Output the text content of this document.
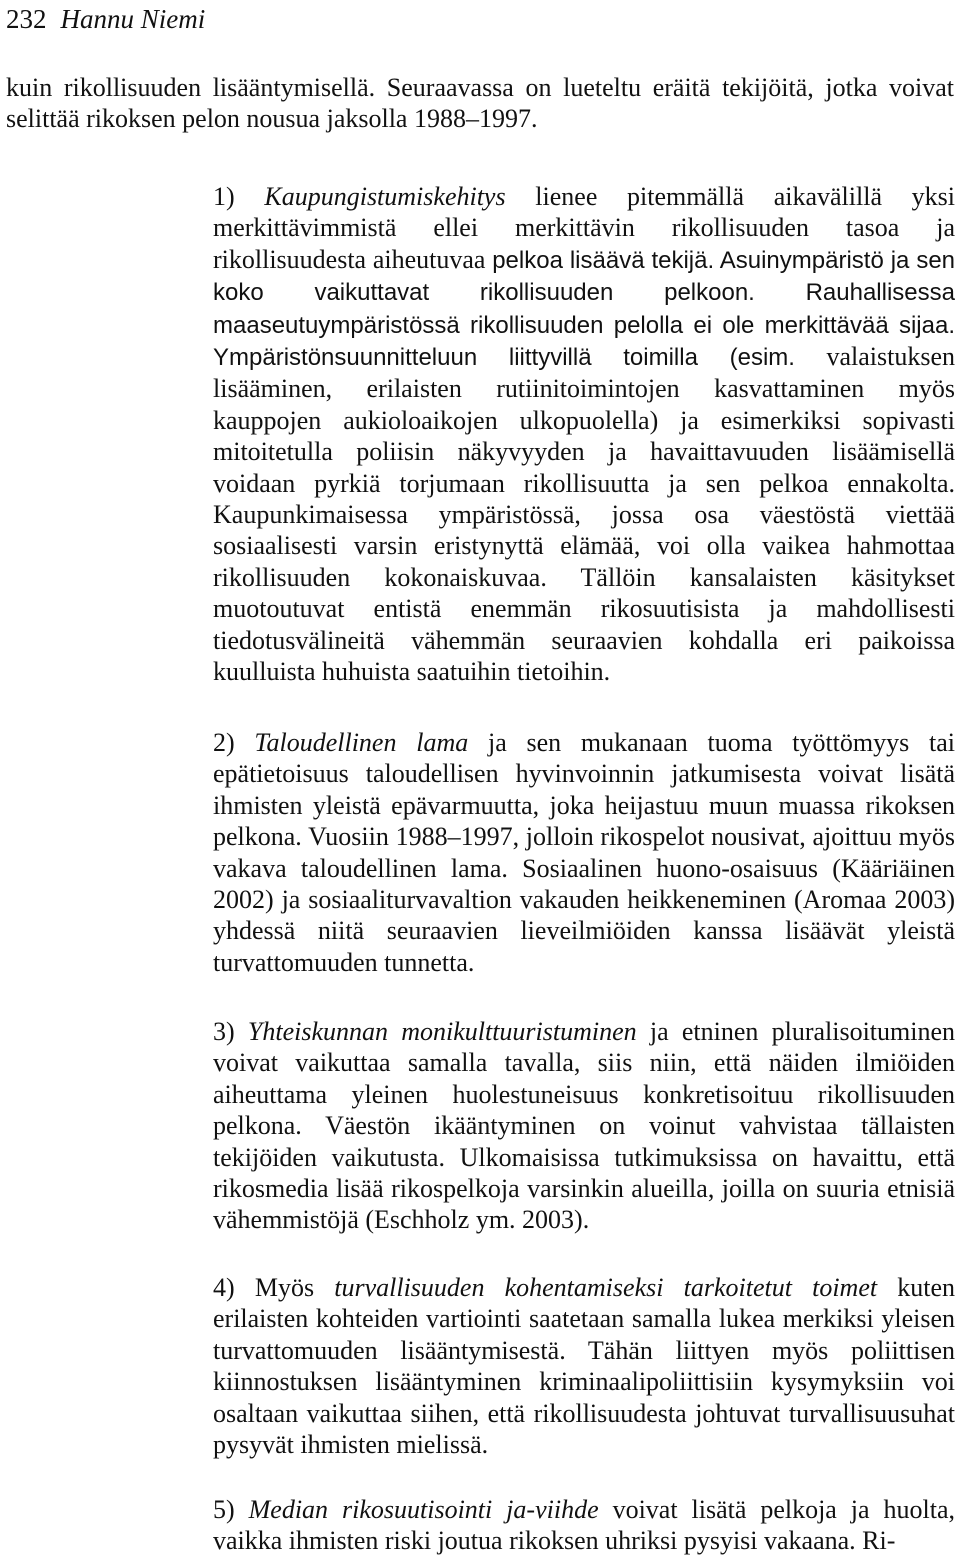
232 Hannu Niemi

kuin rikollisuuden lisääntymisellä. Seuraavassa on lueteltu eräitä tekijöitä, jotka voivat selittää rikoksen pelon nousua jaksolla 1988–1997.

1) Kaupungistumiskehitys lienee pitemmällä aikavälillä yksi merkittävimmistä ellei merkittävin rikollisuuden tasoa ja rikollisuudesta aiheutuvaa pelkoa lisäävä tekijä. Asuinympäristö ja sen koko vaikuttavat rikollisuuden pelkoon. Rauhallisessa maaseutuympäristössä rikollisuuden pelolla ei ole merkittävää sijaa. Ympäristönsuunnitteluun liittyvillä toimilla (esim. valaistuksen lisääminen, erilaisten rutiinitoimintojen kasvattaminen myös kauppojen aukioloaikojen ulkopuolella) ja esimerkiksi sopivasti mitoitetulla poliisin näkyvyyden ja havaittavuuden lisäämisellä voidaan pyrkiä torjumaan rikollisuutta ja sen pelkoa ennakolta. Kaupunkimaisessa ympäristössä, jossa osa väestöstä viettää sosiaalisesti varsin eristynyttä elämää, voi olla vaikea hahmottaa rikollisuuden kokonaiskuvaa. Tällöin kansalaisten käsitykset muotoutuvat entistä enemmän rikosuutisista ja mahdollisesti tiedotusvälineitä vähemmän seuraavien kohdalla eri paikoissa kuulluista huhuista saatuihin tietoihin.

2) Taloudellinen lama ja sen mukanaan tuoma työttömyys tai epätietoisuus taloudellisen hyvinvoinnin jatkumisesta voivat lisätä ihmisten yleistä epävarmuutta, joka heijastuu muun muassa rikoksen pelkona. Vuosiin 1988–1997, jolloin rikospelot nousivat, ajoittuu myös vakava taloudellinen lama. Sosiaalinen huono-osaisuus (Kääriäinen 2002) ja sosiaaliturvavaltion vakauden heikkeneminen (Aromaa 2003) yhdessä niitä seuraavien lieveilmiöiden kanssa lisäävät yleistä turvattomuuden tunnetta.

3) Yhteiskunnan monikulttuuristuminen ja etninen pluralisoituminen voivat vaikuttaa samalla tavalla, siis niin, että näiden ilmiöiden aiheuttama yleinen huolestuneisuus konkretisoituu rikollisuuden pelkona. Väestön ikääntyminen on voinut vahvistaa tällaisten tekijöiden vaikutusta. Ulkomaisissa tutkimuksissa on havaittu, että rikosmedia lisää rikospelkoja varsinkin alueilla, joilla on suuria etnisiä vähemmistöjä (Eschholz ym. 2003).

4) Myös turvallisuuden kohentamiseksi tarkoitetut toimet kuten erilaisten kohteiden vartiointi saatetaan samalla lukea merkiksi yleisen turvattomuuden lisääntymisestä. Tähän liittyen myös poliittisen kiinnostuksen lisääntyminen kriminaalipoliittisiin kysymyksiin voi osaltaan vaikuttaa siihen, että rikollisuudesta johtuvat turvallisuusuhat pysyvät ihmisten mielissä.

5) Median rikosuutisointi ja-viihde voivat lisätä pelkoja ja huolta, vaikka ihmisten riski joutua rikoksen uhriksi pysyisi vakaana. Ri-
